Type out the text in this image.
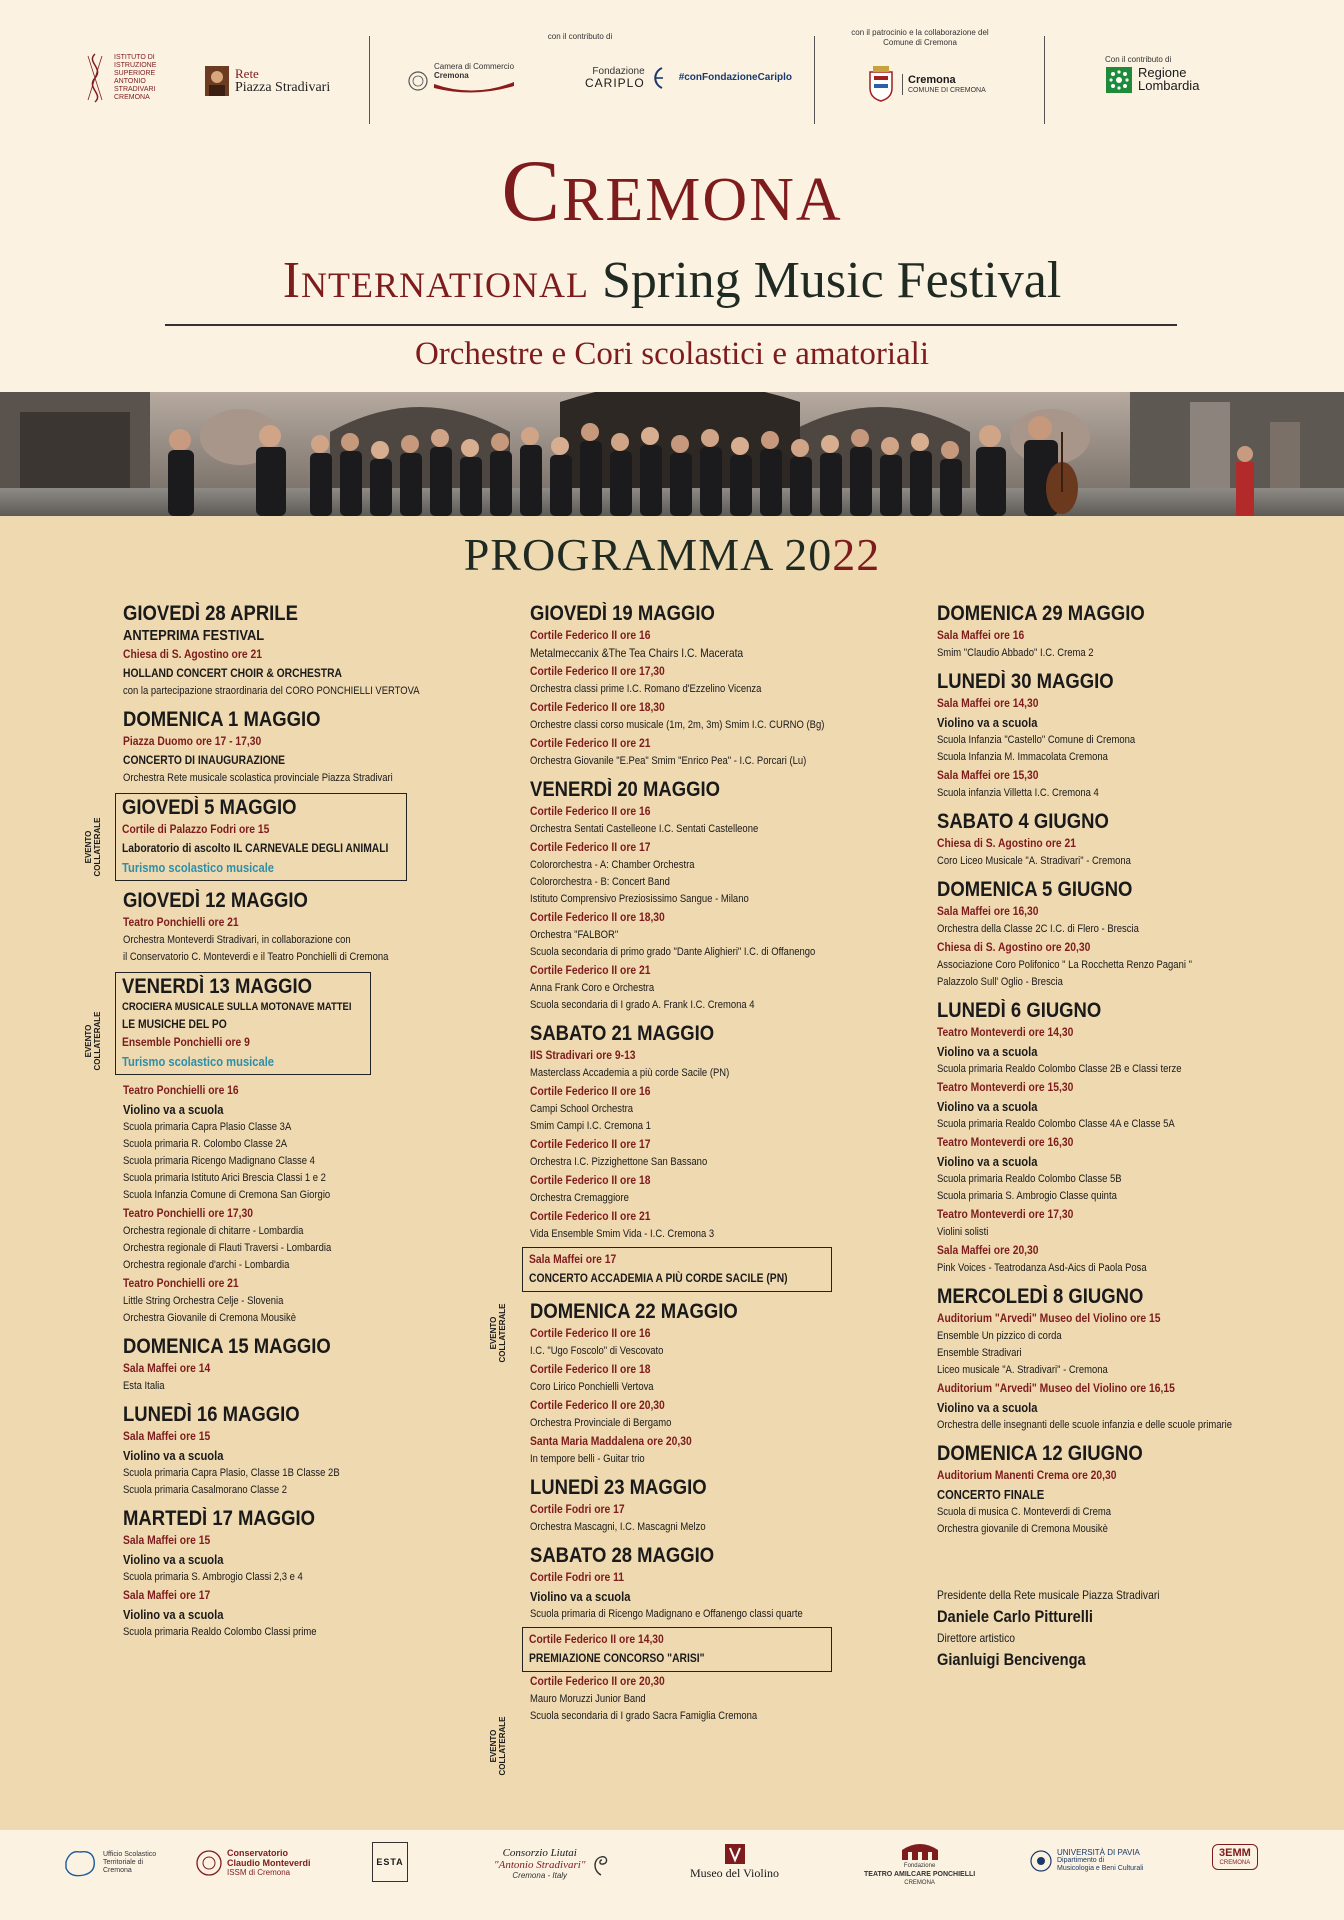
ISTITUTO DI ISTRUZIONE SUPERIORE ANTONIO STRADIVARI CREMONA
Rete
Piazza Stradivari
con il contributo di
Camera di Commercio
Cremona	Fondazione
CARIPLO	#conFondazioneCariplo
con il patrocinio e la collaborazione del Comune di Cremona
Cremona
COMUNE DI CREMONA
Con il contributo di
Regione
Lombardia
Cremona
International Spring Music Festival
Orchestre e Cori scolastici e amatoriali
PROGRAMMA 2022
GIOVEDÌ 28 APRILE
ANTEPRIMA FESTIVAL
Chiesa di S. Agostino ore 21
HOLLAND CONCERT CHOIR & ORCHESTRA
con la partecipazione straordinaria del CORO PONCHIELLI VERTOVA
DOMENICA 1 MAGGIO
Piazza Duomo ore 17 - 17,30
CONCERTO DI INAUGURAZIONE
Orchestra Rete musicale scolastica provinciale Piazza Stradivari
GIOVEDÌ 5 MAGGIO
Cortile di Palazzo Fodri ore 15
Laboratorio di ascolto IL CARNEVALE DEGLI ANIMALI
Turismo scolastico musicale
GIOVEDÌ 12 MAGGIO
Teatro Ponchielli ore 21
Orchestra Monteverdi Stradivari, in collaborazione con
il Conservatorio C. Monteverdi e il Teatro Ponchielli di Cremona
VENERDÌ 13 MAGGIO
CROCIERA MUSICALE SULLA MOTONAVE MATTEI
LE MUSICHE DEL PO
Ensemble Ponchielli ore 9
Turismo scolastico musicale
Teatro Ponchielli ore 16
Violino va a scuola
Scuola primaria Capra Plasio Classe 3A
Scuola primaria R. Colombo Classe 2A
Scuola primaria Ricengo Madignano Classe 4
Scuola primaria Istituto Arici Brescia Classi 1 e 2
Scuola Infanzia Comune di Cremona San Giorgio
Teatro Ponchielli ore 17,30
Orchestra regionale di chitarre - Lombardia
Orchestra regionale di Flauti Traversi - Lombardia
Orchestra regionale d'archi - Lombardia
Teatro Ponchielli ore 21
Little String Orchestra Celje - Slovenia
Orchestra Giovanile di Cremona Mousikè
DOMENICA 15 MAGGIO
Sala Maffei ore 14
Esta Italia
LUNEDÌ 16 MAGGIO
Sala Maffei ore 15
Violino va a scuola
Scuola primaria Capra Plasio, Classe 1B Classe 2B
Scuola primaria Casalmorano Classe 2
MARTEDÌ 17 MAGGIO
Sala Maffei ore 15
Violino va a scuola
Scuola primaria S. Ambrogio Classi 2,3 e 4
Sala Maffei ore 17
Violino va a scuola
Scuola primaria Realdo Colombo Classi prime
EVENTO COLLATERALE
EVENTO COLLATERALE
GIOVEDÌ 19 MAGGIO
Cortile Federico II ore 16
Metalmeccanix &The Tea Chairs I.C. Macerata
Cortile Federico II ore 17,30
Orchestra classi prime I.C. Romano d'Ezzelino Vicenza
Cortile Federico II ore 18,30
Orchestre classi corso musicale (1m, 2m, 3m) Smim I.C. CURNO (Bg)
Cortile Federico II ore 21
Orchestra Giovanile "E.Pea" Smim "Enrico Pea" - I.C. Porcari (Lu)
VENERDÌ 20 MAGGIO
Cortile Federico II ore 16
Orchestra Sentati Castelleone I.C. Sentati Castelleone
Cortile Federico II ore 17
Colororchestra - A: Chamber Orchestra
Colororchestra - B: Concert Band
Istituto Comprensivo Preziosissimo Sangue - Milano
Cortile Federico II ore 18,30
Orchestra "FALBOR"
Scuola secondaria di primo grado "Dante Alighieri" I.C. di Offanengo
Cortile Federico II ore 21
Anna Frank Coro e Orchestra
Scuola secondaria di I grado A. Frank I.C. Cremona 4
SABATO 21 MAGGIO
IIS Stradivari ore 9-13
Masterclass Accademia a più corde Sacile (PN)
Cortile Federico II ore 16
Campi School Orchestra
Smim Campi I.C. Cremona 1
Cortile Federico II ore 17
Orchestra I.C. Pizzighettone San Bassano
Cortile Federico II ore 18
Orchestra Cremaggiore
Cortile Federico II ore 21
Vida Ensemble Smim Vida - I.C. Cremona 3
Sala Maffei ore 17
CONCERTO ACCADEMIA A PIÙ CORDE SACILE (PN)
DOMENICA 22 MAGGIO
Cortile Federico II ore 16
I.C. "Ugo Foscolo" di Vescovato
Cortile Federico II ore 18
Coro Lirico Ponchielli Vertova
Cortile Federico II ore 20,30
Orchestra Provinciale di Bergamo
Santa Maria Maddalena ore 20,30
In tempore belli - Guitar trio
LUNEDÌ 23 MAGGIO
Cortile Fodri ore 17
Orchestra Mascagni, I.C. Mascagni Melzo
SABATO 28 MAGGIO
Cortile Fodri ore 11
Violino va a scuola
Scuola primaria di Ricengo Madignano e Offanengo classi quarte
Cortile Federico II ore 14,30
PREMIAZIONE CONCORSO "ARISI"
Cortile Federico II ore 20,30
Mauro Moruzzi Junior Band
Scuola secondaria di I grado Sacra Famiglia Cremona
EVENTO COLLATERALE
EVENTO COLLATERALE
DOMENICA 29 MAGGIO
Sala Maffei ore 16
Smim "Claudio Abbado" I.C. Crema 2
LUNEDÌ 30 MAGGIO
Sala Maffei ore 14,30
Violino va a scuola
Scuola Infanzia "Castello" Comune di Cremona
Scuola Infanzia M. Immacolata Cremona
Sala Maffei ore 15,30
Scuola infanzia Villetta I.C. Cremona 4
SABATO 4 GIUGNO
Chiesa di S. Agostino ore 21
Coro Liceo Musicale "A. Stradivari" - Cremona
DOMENICA 5 GIUGNO
Sala Maffei ore 16,30
Orchestra della Classe 2C I.C. di Flero - Brescia
Chiesa di S. Agostino ore 20,30
Associazione Coro Polifonico " La Rocchetta Renzo Pagani "
Palazzolo Sull' Oglio - Brescia
LUNEDÌ 6 GIUGNO
Teatro Monteverdi ore 14,30
Violino va a scuola
Scuola primaria Realdo Colombo Classe 2B e Classi terze
Teatro Monteverdi ore 15,30
Violino va a scuola
Scuola primaria Realdo Colombo Classe 4A e Classe 5A
Teatro Monteverdi ore 16,30
Violino va a scuola
Scuola primaria Realdo Colombo Classe 5B
Scuola primaria S. Ambrogio Classe quinta
Teatro Monteverdi ore 17,30
Violini solisti
Sala Maffei ore 20,30
Pink Voices - Teatrodanza Asd-Aics di Paola Posa
MERCOLEDÌ 8 GIUGNO
Auditorium "Arvedi" Museo del Violino ore 15
Ensemble Un pizzico di corda
Ensemble Stradivari
Liceo musicale "A. Stradivari" - Cremona
Auditorium "Arvedi" Museo del Violino ore 16,15
Violino va a scuola
Orchestra delle insegnanti delle scuole infanzia e delle scuole primarie
DOMENICA 12 GIUGNO
Auditorium Manenti Crema ore 20,30
CONCERTO FINALE
Scuola di musica C. Monteverdi di Crema
Orchestra giovanile di Cremona Mousikè
Presidente della Rete musicale Piazza Stradivari
Daniele Carlo Pitturelli
Direttore artistico
Gianluigi Bencivenga
Ufficio Scolastico Territoriale di Cremona
Conservatorio
Claudio Monteverdi
ISSM di Cremona
ESTA
Consorzio Liutai
"Antonio Stradivari"
Cremona - Italy	Museo del Violino	Fondazione
TEATRO AMILCARE PONCHIELLI
CREMONA
UNIVERSITÀ DI PAVIA
Dipartimento di
Musicologia e Beni Culturali
3EMM
CREMONA
